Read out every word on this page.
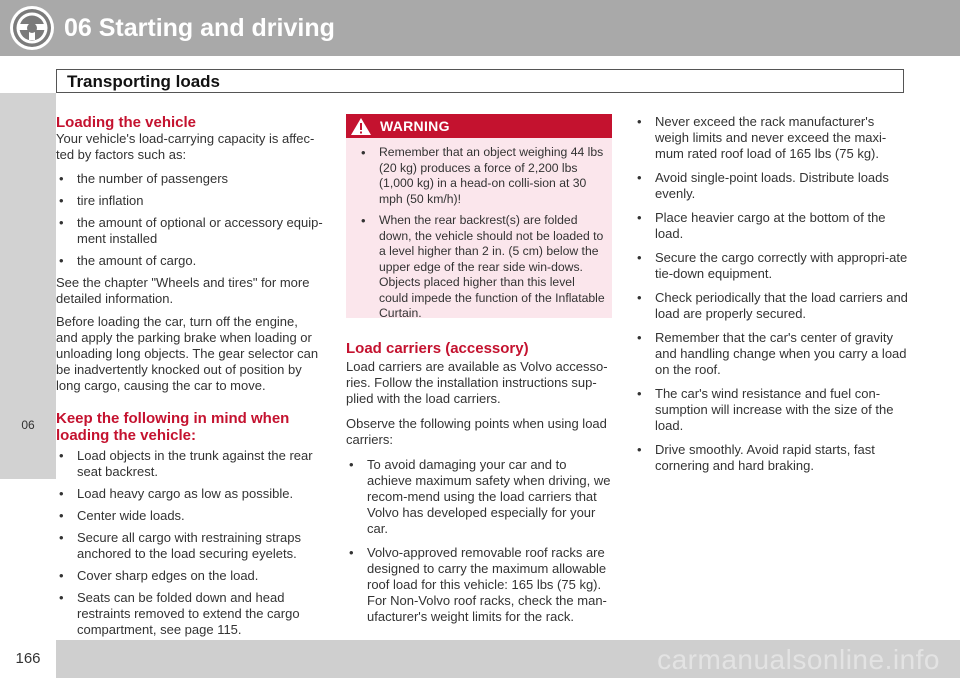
06 Starting and driving
Transporting loads
06
Loading the vehicle

Your vehicle's load-carrying capacity is affec-ted by factors such as:

• the number of passengers
• tire inflation
• the amount of optional or accessory equip-ment installed
• the amount of cargo.

See the chapter "Wheels and tires" for more detailed information.

Before loading the car, turn off the engine, and apply the parking brake when loading or unloading long objects. The gear selector can be inadvertently knocked out of position by long cargo, causing the car to move.

Keep the following in mind when loading the vehicle:
• Load objects in the trunk against the rear seat backrest.
• Load heavy cargo as low as possible.
• Center wide loads.
• Secure all cargo with restraining straps anchored to the load securing eyelets.
• Cover sharp edges on the load.
• Seats can be folded down and head restraints removed to extend the cargo compartment, see page 115.
WARNING
• Remember that an object weighing 44 lbs (20 kg) produces a force of 2,200 lbs (1,000 kg) in a head-on colli-sion at 30 mph (50 km/h)!
• When the rear backrest(s) are folded down, the vehicle should not be loaded to a level higher than 2 in. (5 cm) below the upper edge of the rear side win-dows. Objects placed higher than this level could impede the function of the Inflatable Curtain.
Load carriers (accessory)

Load carriers are available as Volvo accesso-ries. Follow the installation instructions sup-plied with the load carriers.

Observe the following points when using load carriers:

• To avoid damaging your car and to achieve maximum safety when driving, we recom-mend using the load carriers that Volvo has developed especially for your car.
• Volvo-approved removable roof racks are designed to carry the maximum allowable roof load for this vehicle: 165 lbs (75 kg). For Non-Volvo roof racks, check the man-ufacturer's weight limits for the rack.
• Never exceed the rack manufacturer's weigh limits and never exceed the maxi-mum rated roof load of 165 lbs (75 kg).
• Avoid single-point loads. Distribute loads evenly.
• Place heavier cargo at the bottom of the load.
• Secure the cargo correctly with appropri-ate tie-down equipment.
• Check periodically that the load carriers and load are properly secured.
• Remember that the car's center of gravity and handling change when you carry a load on the roof.
• The car's wind resistance and fuel con-sumption will increase with the size of the load.
• Drive smoothly. Avoid rapid starts, fast cornering and hard braking.
166	carmanualsonline.info
